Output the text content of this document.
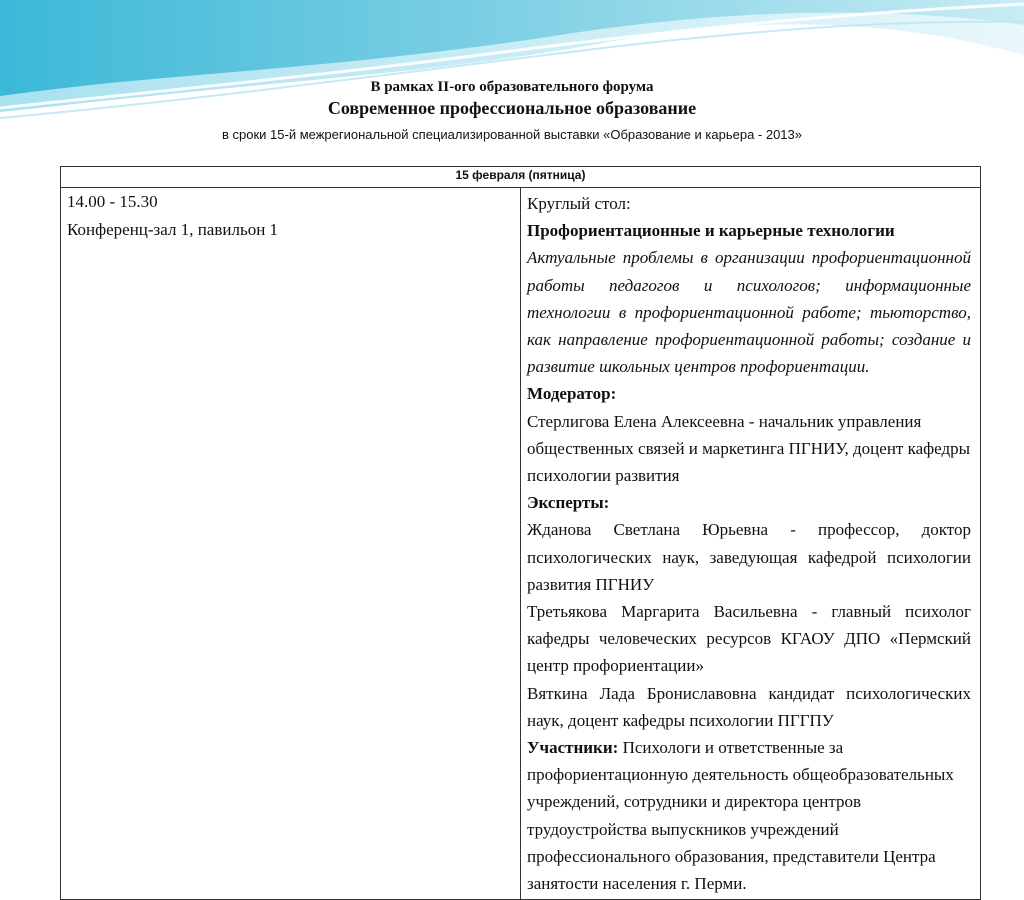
В рамках II-ого образовательного форума
Современное профессиональное образование
в сроки 15-й межрегиональной специализированной выставки «Образование и карьера - 2013»
15 февраля (пятница)

14.00 - 15.30
Конференц-зал 1, павильон 1

Круглый стол:
Профориентационные и карьерные технологии
Актуальные проблемы в организации профориентационной работы педагогов и психологов; информационные технологии в профориентационной работе; тьюторство, как направление профориентационной работы; создание и развитие школьных центров профориентации.
Модератор:
Стерлигова Елена Алексеевна - начальник управления общественных связей и маркетинга ПГНИУ, доцент кафедры психологии развития
Эксперты:
Жданова Светлана Юрьевна - профессор, доктор психологических наук, заведующая кафедрой психологии развития ПГНИУ
Третьякова Маргарита Васильевна - главный психолог кафедры человеческих ресурсов КГАОУ ДПО «Пермский центр профориентации»
Вяткина Лада Брониславовна кандидат психологических наук, доцент кафедры психологии ПГГПУ
Участники: Психологи и ответственные за профориентационную деятельность общеобразовательных учреждений, сотрудники и директора центров трудоустройства выпускников учреждений профессионального образования, представители Центра занятости населения г. Перми.
